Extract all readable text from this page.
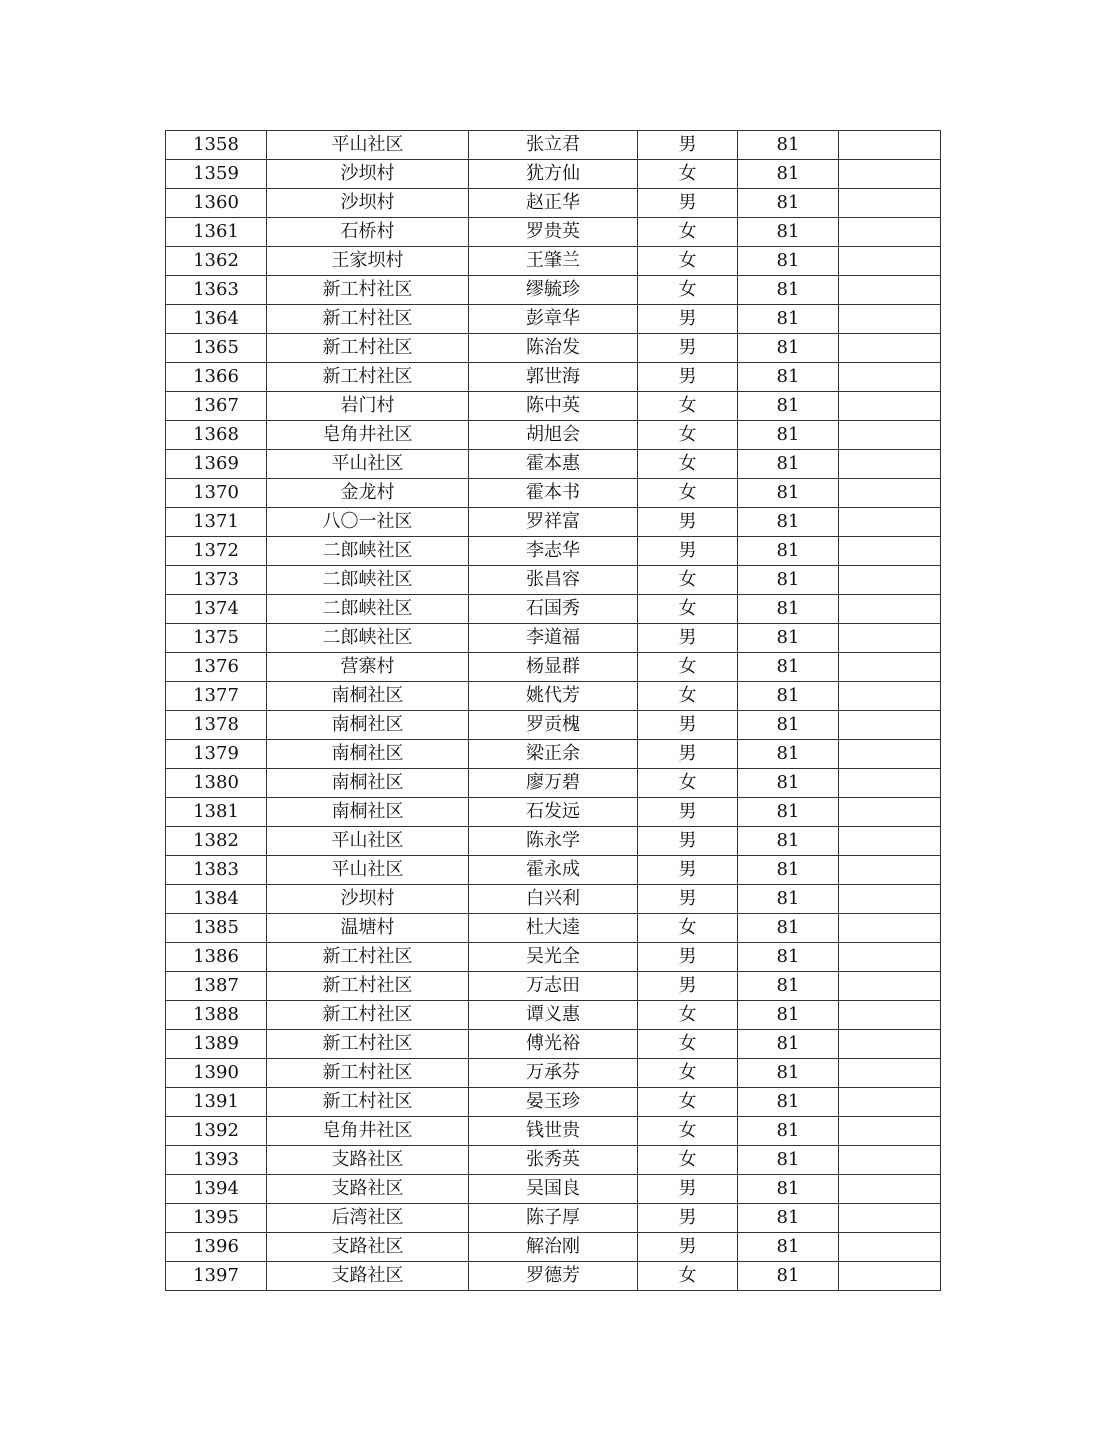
1358	平山社区	张立君	男	81	
1359	沙坝村	犹方仙	女	81	
1360	沙坝村	赵正华	男	81	
1361	石桥村	罗贵英	女	81	
1362	王家坝村	王肇兰	女	81	
1363	新工村社区	缪毓珍	女	81	
1364	新工村社区	彭章华	男	81	
1365	新工村社区	陈治发	男	81	
1366	新工村社区	郭世海	男	81	
1367	岩门村	陈中英	女	81	
1368	皂角井社区	胡旭会	女	81	
1369	平山社区	霍本惠	女	81	
1370	金龙村	霍本书	女	81	
1371	八〇一社区	罗祥富	男	81	
1372	二郎峡社区	李志华	男	81	
1373	二郎峡社区	张昌容	女	81	
1374	二郎峡社区	石国秀	女	81	
1375	二郎峡社区	李道福	男	81	
1376	营寨村	杨显群	女	81	
1377	南桐社区	姚代芳	女	81	
1378	南桐社区	罗贡槐	男	81	
1379	南桐社区	梁正余	男	81	
1380	南桐社区	廖万碧	女	81	
1381	南桐社区	石发远	男	81	
1382	平山社区	陈永学	男	81	
1383	平山社区	霍永成	男	81	
1384	沙坝村	白兴利	男	81	
1385	温塘村	杜大逵	女	81	
1386	新工村社区	吴光全	男	81	
1387	新工村社区	万志田	男	81	
1388	新工村社区	谭义惠	女	81	
1389	新工村社区	傅光裕	女	81	
1390	新工村社区	万承芬	女	81	
1391	新工村社区	晏玉珍	女	81	
1392	皂角井社区	钱世贵	女	81	
1393	支路社区	张秀英	女	81	
1394	支路社区	吴国良	男	81	
1395	后湾社区	陈子厚	男	81	
1396	支路社区	解治刚	男	81	
1397	支路社区	罗德芳	女	81	
